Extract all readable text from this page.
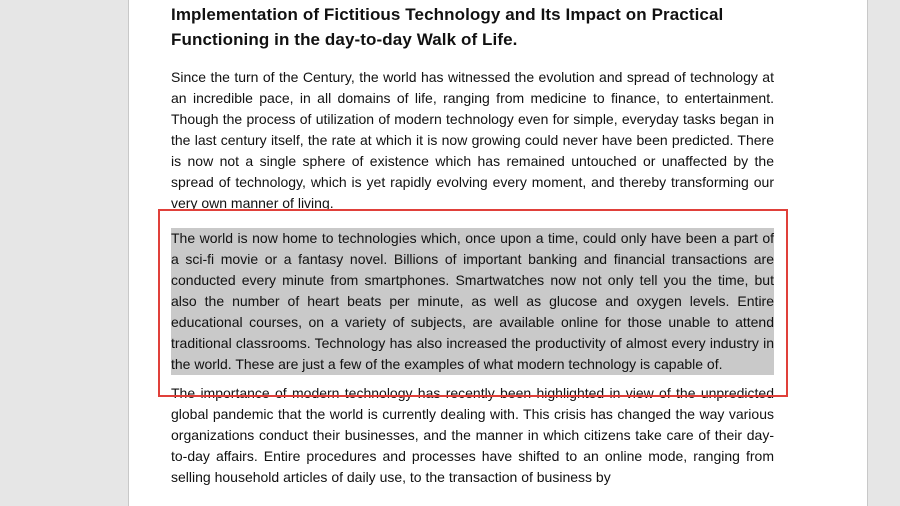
Implementation of Fictitious Technology and Its Impact on Practical Functioning in the day-to-day Walk of Life.

Since the turn of the Century, the world has witnessed the evolution and spread of technology at an incredible pace, in all domains of life, ranging from medicine to finance, to entertainment. Though the process of utilization of modern technology even for simple, everyday tasks began in the last century itself, the rate at which it is now growing could never have been predicted. There is now not a single sphere of existence which has remained untouched or unaffected by the spread of technology, which is yet rapidly evolving every moment, and thereby transforming our very own manner of living.

The world is now home to technologies which, once upon a time, could only have been a part of a sci-fi movie or a fantasy novel. Billions of important banking and financial transactions are conducted every minute from smartphones. Smartwatches now not only tell you the time, but also the number of heart beats per minute, as well as glucose and oxygen levels. Entire educational courses, on a variety of subjects, are available online for those unable to attend traditional classrooms. Technology has also increased the productivity of almost every industry in the world. These are just a few of the examples of what modern technology is capable of.

The importance of modern technology has recently been highlighted in view of the unpredicted global pandemic that the world is currently dealing with. This crisis has changed the way various organizations conduct their businesses, and the manner in which citizens take care of their day-to-day affairs. Entire procedures and processes have shifted to an online mode, ranging from selling household articles of daily use, to the transaction of business by
